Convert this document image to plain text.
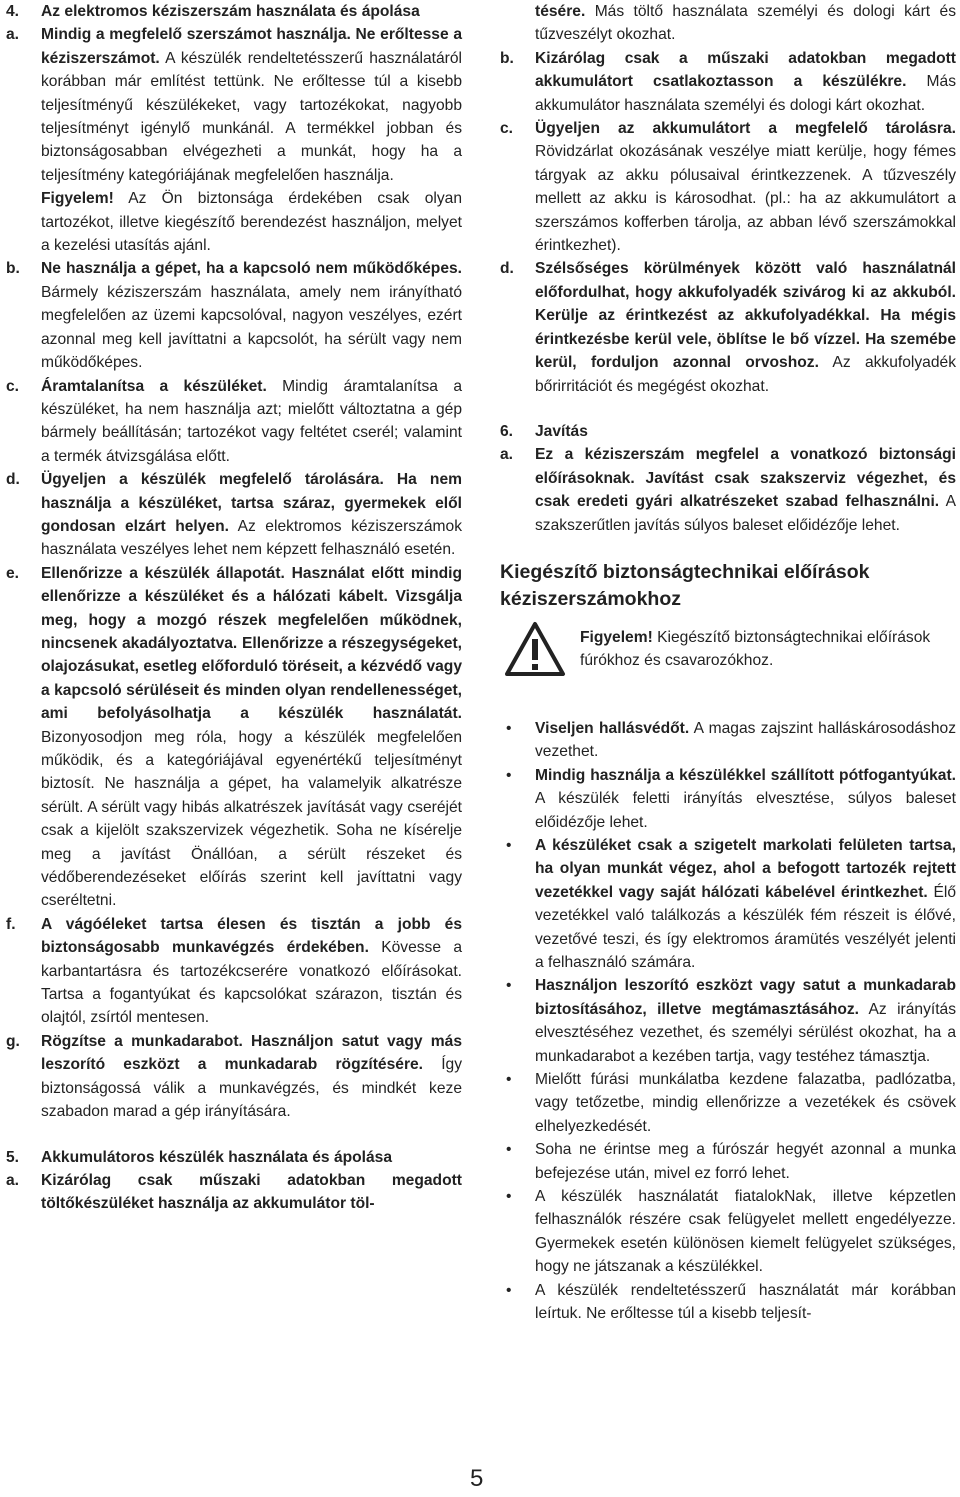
4. Az elektromos kéziszerszám használata és ápolása
a. Mindig a megfelelő szerszámot használja. Ne erőltesse a kéziszerszámot. A készülék rendeltetésszerű használatáról korábban már említést tettünk. Ne erőltesse túl a kisebb teljesítményű készülékeket, vagy tartozékokat, nagyobb teljesítményt igénylő munkánál. A termékkel jobban és biztonságosabban elvégezheti a munkát, hogy ha a teljesítmény kategóriájának megfelelően használja.
Figyelem! Az Ön biztonsága érdekében csak olyan tartozékot, illetve kiegészítő berendezést használjon, melyet a kezelési utasítás ajánl.
b. Ne használja a gépet, ha a kapcsoló nem működőképes. Bármely kéziszerszám használata, amely nem irányítható megfelelően az üzemi kapcsolóval, nagyon veszélyes, ezért azonnal meg kell javíttatni a kapcsolót, ha sérült vagy nem működőképes.
c. Áramtalanítsa a készüléket. Mindig áramtalanítsa a készüléket, ha nem használja azt; mielőtt változtatna a gép bármely beállításán; tartozékot vagy feltétet cserél; valamint a termék átvizsgálása előtt.
d. Ügyeljen a készülék megfelelő tárolására. Ha nem használja a készüléket, tartsa száraz, gyermekek elől gondosan elzárt helyen. Az elektromos kéziszerszámok használata veszélyes lehet nem képzett felhasználó esetén.
e. Ellenőrizze a készülék állapotát. Használat előtt mindig ellenőrizze a készüléket és a hálózati kábelt. Vizsgálja meg, hogy a mozgó részek megfelelően működnek, nincsenek akadályoztatva. Ellenőrizze a részegységeket, olajozásukat, esetleg előforduló töréseit, a kézvédő vagy a kapcsoló sérüléseit és minden olyan rendellenességet, ami befolyásolhatja a készülék használatát. Bizonyosodjon meg róla, hogy a készülék megfelelően működik, és a kategóriájával egyenértékű teljesítményt biztosít. Ne használja a gépet, ha valamelyik alkatrésze sérült. A sérült vagy hibás alkatrészek javítását vagy cseréjét csak a kijelölt szakszervizek végezhetik. Soha ne kísérelje meg a javítást Önállóan, a sérült részeket és védőberendezéseket előírás szerint kell javíttatni vagy cseréltetni.
f. A vágóéleket tartsa élesen és tisztán a jobb és biztonságosabb munkavégzés érdekében. Kövesse a karbantartásra és tartozékcserére vonatkozó előírásokat. Tartsa a fogantyúkat és kapcsolókat szárazon, tisztán és olajtól, zsírtól mentesen.
g. Rögzítse a munkadarabot. Használjon satut vagy más leszorító eszközt a munkadarab rögzítésére. Így biztonságossá válik a munkavégzés, és mindkét keze szabadon marad a gép irányítására.
5. Akkumulátoros készülék használata és ápolása
a. Kizárólag csak műszaki adatokban megadott töltőkészüléket használja az akkumulátor töl-
tésére. Más töltő használata személyi és dologi kárt és tűzveszélyt okozhat.
b. Kizárólag csak a műszaki adatokban megadott akkumulátort csatlakoztasson a készülékre. Más akkumulátor használata személyi és dologi kárt okozhat.
c. Ügyeljen az akkumulátort a megfelelő tárolásra. Rövidzárlat okozásának veszélye miatt kerülje, hogy fémes tárgyak az akku pólusaival érintkezzenek. A tűzveszély mellett az akku is károsodhat. (pl.: ha az akkumulátort a szerszámos kofferben tárolja, az abban lévő szerszámokkal érintkezhet).
d. Szélsőséges körülmények között való használatnál előfordulhat, hogy akkufolyadék szivárog ki az akkuból. Kerülje az érintkezést az akkufolyadékkal. Ha mégis érintkezésbe kerül vele, öblítse le bő vízzel. Ha szemébe kerül, forduljon azonnal orvoshoz. Az akkufolyadék bőrirritációt és megégést okozhat.
6. Javítás
a. Ez a kéziszerszám megfelel a vonatkozó biztonsági előírásoknak. Javítást csak szakszerviz végezhet, és csak eredeti gyári alkatrészeket szabad felhasználni. A szakszerűtlen javítás súlyos baleset előidézője lehet.
Kiegészítő biztonságtechnikai előírások kéziszerszámokhoz
Figyelem! Kiegészítő biztonságtechnikai előírások fúrókhoz és csavarozókhoz.
• Viseljen hallásvédőt. A magas zajszint halláskárosodáshoz vezethet.
• Mindig használja a készülékkel szállított pótfogantyúkat. A készülék feletti irányítás elvesztése, súlyos baleset előidézője lehet.
• A készüléket csak a szigetelt markolati felületen tartsa, ha olyan munkát végez, ahol a befogott tartozék rejtett vezetékkel vagy saját hálózati kábelével érintkezhet. Élő vezetékkel való találkozás a készülék fém részeit is élővé, vezetővé teszi, és így elektromos áramütés veszélyét jelenti a felhasználó számára.
• Használjon leszorító eszközt vagy satut a munkadarab biztosításához, illetve megtámasztásához. Az irányítás elvesztéséhez vezethet, és személyi sérülést okozhat, ha a munkadarabot a kezében tartja, vagy testéhez támasztja.
• Mielőtt fúrási munkálatba kezdene falazatba, padlózatba, vagy tetőzetbe, mindig ellenőrizze a vezetékek és csövek elhelyezkedését.
• Soha ne érintse meg a fúrószár hegyét azonnal a munka befejezése után, mivel ez forró lehet.
• A készülék használatát fiatalokNak, illetve képzetlen felhasználók részére csak felügyelet mellett engedélyezze. Gyermekek esetén különösen kiemelt felügyelet szükséges, hogy ne játszanak a készülékkel.
• A készülék rendeltetésszerű használatát már korábban leírtuk. Ne erőltesse túl a kisebb teljesít-
5
